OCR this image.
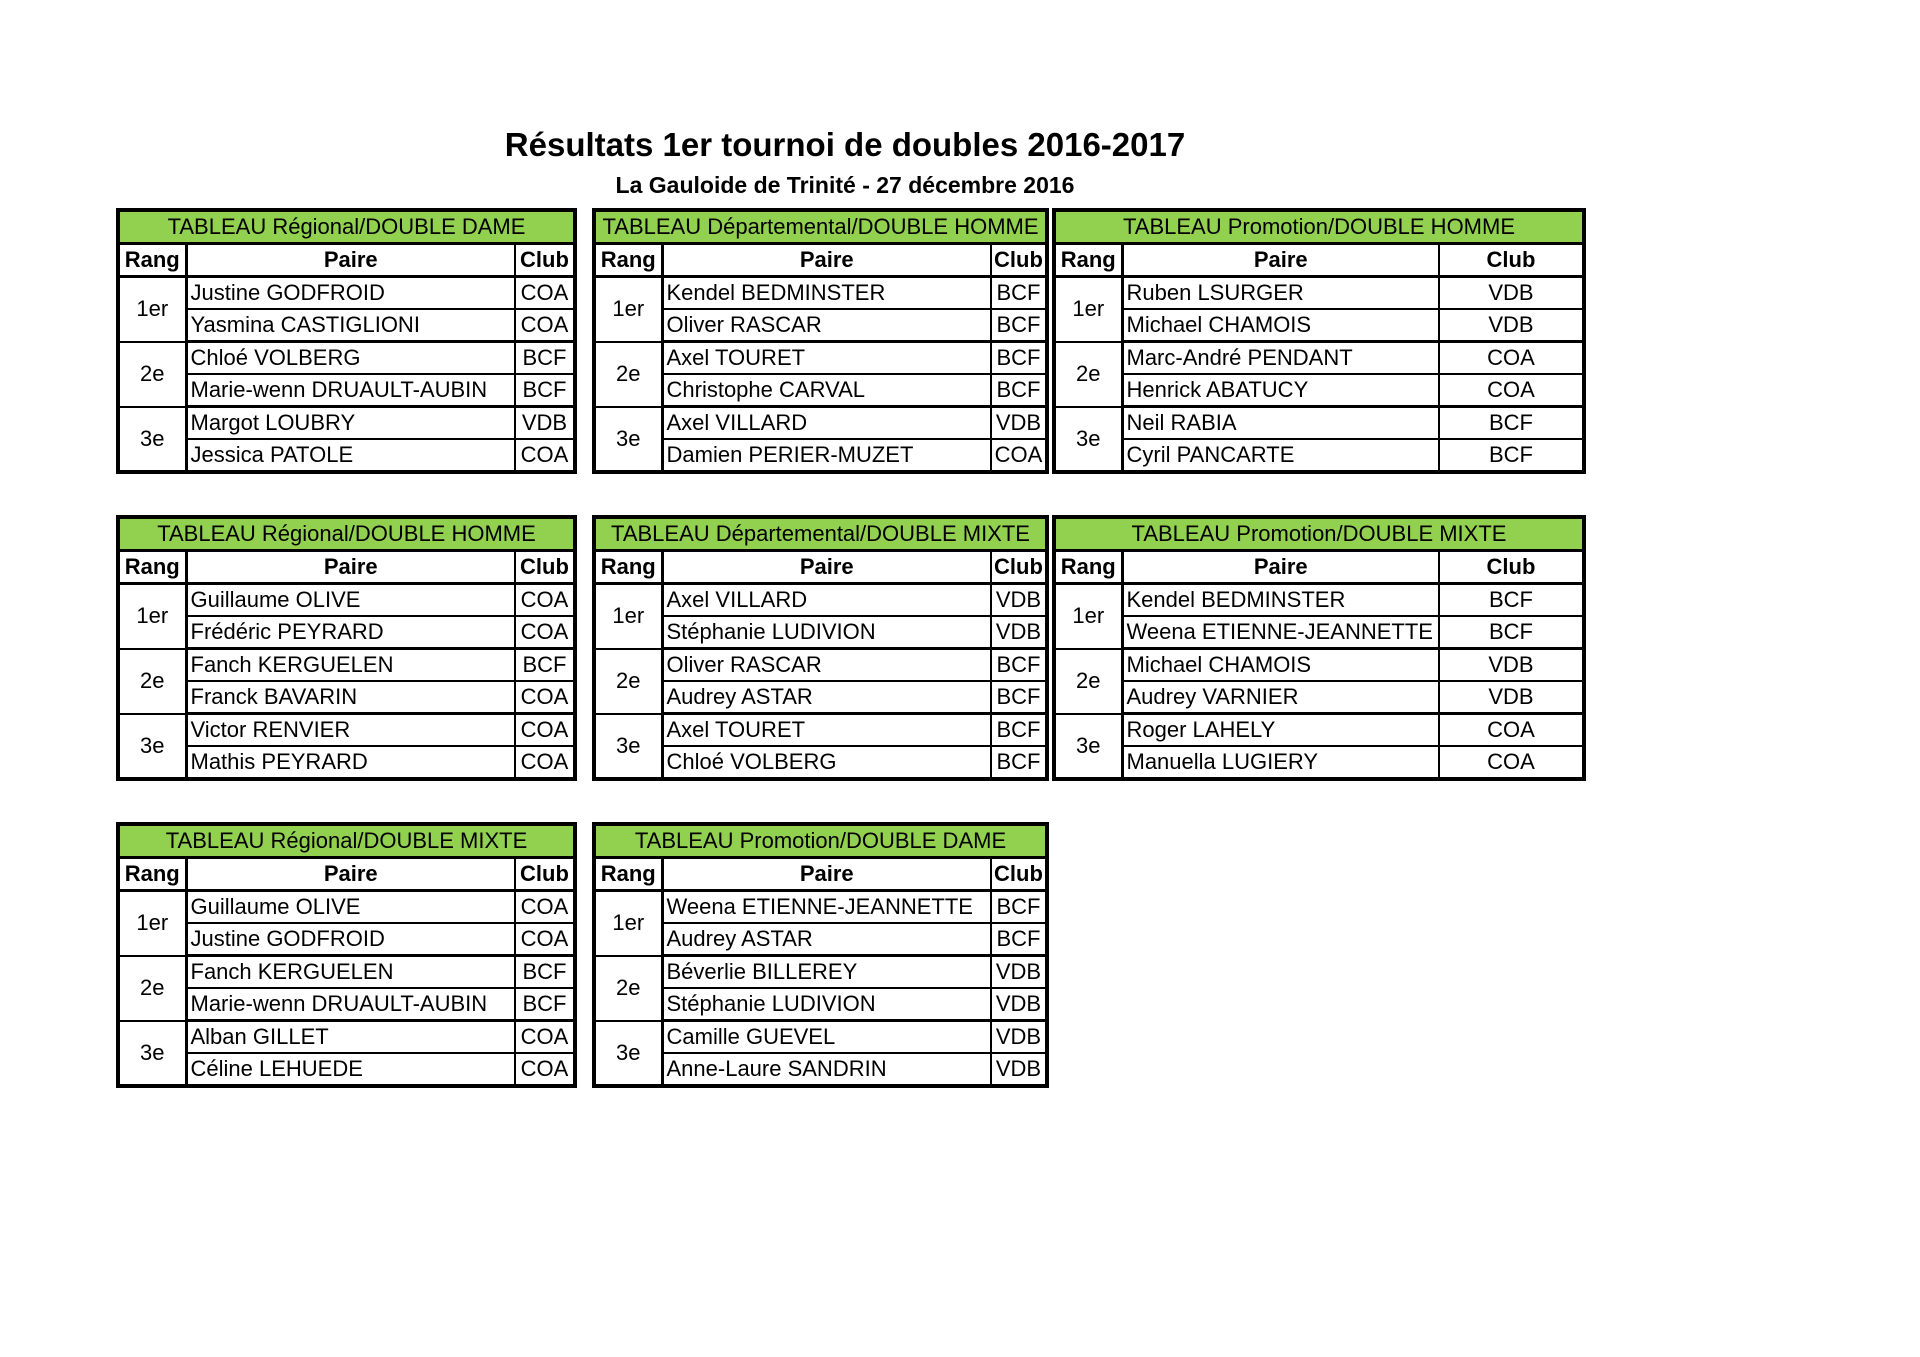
Résultats 1er tournoi de doubles 2016-2017
La Gauloide de Trinité - 27 décembre 2016
TABLEAU Régional/DOUBLE DAME		
Rang	Paire	Club
1er	Justine GODFROID	COA
	Yasmina CASTIGLIONI	COA
2e	Chloé VOLBERG	BCF
	Marie-wenn DRUAULT-AUBIN	BCF
3e	Margot LOUBRY	VDB
	Jessica PATOLE	COA
TABLEAU Départemental/DOUBLE HOMME		
Rang	Paire	Club
1er	Kendel BEDMINSTER	BCF
	Oliver RASCAR	BCF
2e	Axel TOURET	BCF
	Christophe CARVAL	BCF
3e	Axel VILLARD	VDB
	Damien PERIER-MUZET	COA
TABLEAU Promotion/DOUBLE HOMME		
Rang	Paire	Club
1er	Ruben LSURGER	VDB
	Michael CHAMOIS	VDB
2e	Marc-André PENDANT	COA
	Henrick ABATUCY	COA
3e	Neil RABIA	BCF
	Cyril PANCARTE	BCF
TABLEAU Régional/DOUBLE HOMME		
Rang	Paire	Club
1er	Guillaume OLIVE	COA
	Frédéric PEYRARD	COA
2e	Fanch KERGUELEN	BCF
	Franck BAVARIN	COA
3e	Victor RENVIER	COA
	Mathis PEYRARD	COA
TABLEAU Départemental/DOUBLE MIXTE		
Rang	Paire	Club
1er	Axel VILLARD	VDB
	Stéphanie LUDIVION	VDB
2e	Oliver RASCAR	BCF
	Audrey ASTAR	BCF
3e	Axel TOURET	BCF
	Chloé VOLBERG	BCF
TABLEAU Promotion/DOUBLE MIXTE		
Rang	Paire	Club
1er	Kendel BEDMINSTER	BCF
	Weena ETIENNE-JEANNETTE	BCF
2e	Michael CHAMOIS	VDB
	Audrey VARNIER	VDB
3e	Roger LAHELY	COA
	Manuella LUGIERY	COA
TABLEAU Régional/DOUBLE MIXTE		
Rang	Paire	Club
1er	Guillaume OLIVE	COA
	Justine GODFROID	COA
2e	Fanch KERGUELEN	BCF
	Marie-wenn DRUAULT-AUBIN	BCF
3e	Alban GILLET	COA
	Céline LEHUEDE	COA
TABLEAU Promotion/DOUBLE DAME		
Rang	Paire	Club
1er	Weena ETIENNE-JEANNETTE	BCF
	Audrey ASTAR	BCF
2e	Béverlie BILLEREY	VDB
	Stéphanie LUDIVION	VDB
3e	Camille GUEVEL	VDB
	Anne-Laure SANDRIN	VDB
